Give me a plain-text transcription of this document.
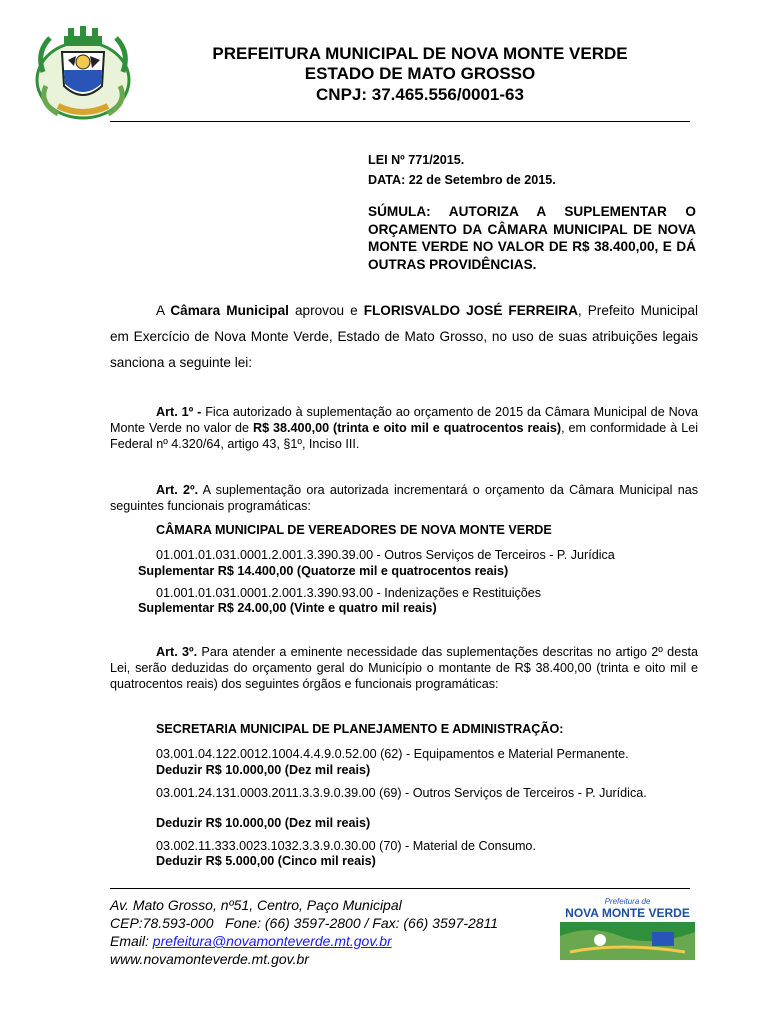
PREFEITURA MUNICIPAL DE NOVA MONTE VERDE
ESTADO DE MATO GROSSO
CNPJ: 37.465.556/0001-63
LEI Nº 771/2015.
DATA: 22 de Setembro de 2015.
SÚMULA: AUTORIZA A SUPLEMENTAR O ORÇAMENTO DA CÂMARA MUNICIPAL DE NOVA MONTE VERDE NO VALOR DE R$ 38.400,00, E DÁ OUTRAS PROVIDÊNCIAS.
A Câmara Municipal aprovou e FLORISVALDO JOSÉ FERREIRA, Prefeito Municipal em Exercício de Nova Monte Verde, Estado de Mato Grosso, no uso de suas atribuições legais sanciona a seguinte lei:
Art. 1º - Fica autorizado à suplementação ao orçamento de 2015 da Câmara Municipal de Nova Monte Verde no valor de R$ 38.400,00 (trinta e oito mil e quatrocentos reais), em conformidade à Lei Federal nº 4.320/64, artigo 43, §1º, Inciso III.
Art. 2º. A suplementação ora autorizada incrementará o orçamento da Câmara Municipal nas seguintes funcionais programáticas:
CÂMARA MUNICIPAL DE VEREADORES DE NOVA MONTE VERDE
01.001.01.031.0001.2.001.3.390.39.00 - Outros Serviços de Terceiros - P. Jurídica
Suplementar R$ 14.400,00 (Quatorze mil e quatrocentos reais)
01.001.01.031.0001.2.001.3.390.93.00 - Indenizações e Restituições
Suplementar R$ 24.00,00 (Vinte e quatro mil reais)
Art. 3º. Para atender a eminente necessidade das suplementações descritas no artigo 2º desta Lei, serão deduzidas do orçamento geral do Município o montante de R$ 38.400,00 (trinta e oito mil e quatrocentos reais) dos seguintes órgãos e funcionais programáticas:
SECRETARIA MUNICIPAL DE PLANEJAMENTO E ADMINISTRAÇÃO:
03.001.04.122.0012.1004.4.4.9.0.52.00 (62) - Equipamentos e Material Permanente.
Deduzir R$ 10.000,00 (Dez mil reais)
03.001.24.131.0003.2011.3.3.9.0.39.00 (69) - Outros Serviços de Terceiros - P. Jurídica.
Deduzir R$ 10.000,00 (Dez mil reais)
03.002.11.333.0023.1032.3.3.9.0.30.00 (70) - Material de Consumo.
Deduzir R$ 5.000,00 (Cinco mil reais)
Av. Mato Grosso, nº51, Centro, Paço Municipal
CEP:78.593-000   Fone: (66) 3597-2800 / Fax: (66) 3597-2811
Email: prefeitura@novamonteverde.mt.gov.br
www.novamonteverde.mt.gov.br
Prefeitura de
NOVA MONTE VERDE
